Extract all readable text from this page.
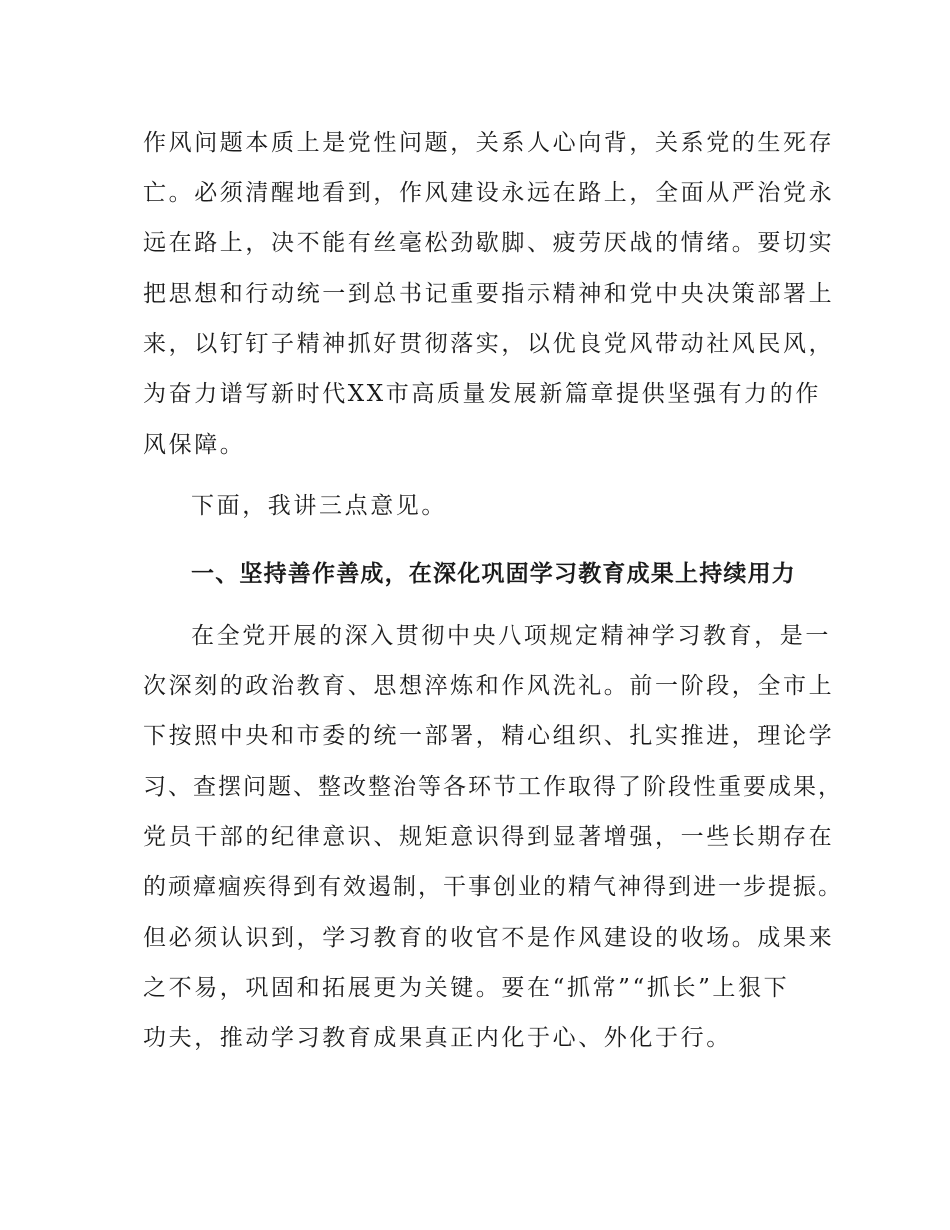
作风问题本质上是党性问题，关系人心向背，关系党的生死存
亡。必须清醒地看到，作风建设永远在路上，全面从严治党永
远在路上，决不能有丝毫松劲歇脚、疲劳厌战的情绪。要切实
把思想和行动统一到总书记重要指示精神和党中央决策部署上
来，以钉钉子精神抓好贯彻落实，以优良党风带动社风民风，
为奋力谱写新时代XX市高质量发展新篇章提供坚强有力的作
风保障。
下面，我讲三点意见。
一、坚持善作善成，在深化巩固学习教育成果上持续用力
在全党开展的深入贯彻中央八项规定精神学习教育，是一
次深刻的政治教育、思想淬炼和作风洗礼。前一阶段，全市上
下按照中央和市委的统一部署，精心组织、扎实推进，理论学
习、查摆问题、整改整治等各环节工作取得了阶段性重要成果，
党员干部的纪律意识、规矩意识得到显著增强，一些长期存在
的顽瘴痼疾得到有效遏制，干事创业的精气神得到进一步提振。
但必须认识到，学习教育的收官不是作风建设的收场。成果来
之不易，巩固和拓展更为关键。要在“抓常”“抓长”上狠下
功夫，推动学习教育成果真正内化于心、外化于行。
